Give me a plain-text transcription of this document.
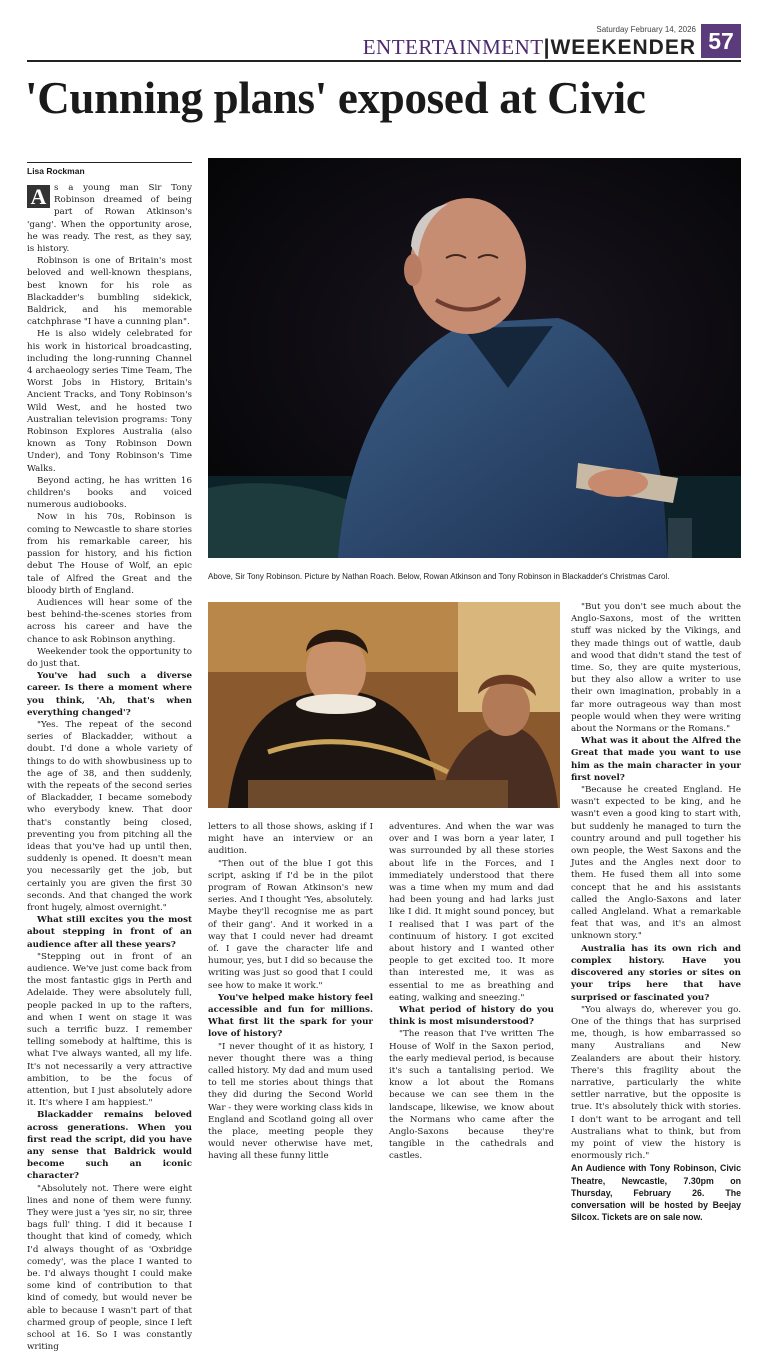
Saturday February 14, 2026
ENTERTAINMENT|WEEKENDER 57
'Cunning plans' exposed at Civic
Lisa Rockman
A s a young man Sir Tony Robinson dreamed of being part of Rowan Atkinson's 'gang'. When the opportunity arose, he was ready. The rest, as they say, is history.

Robinson is one of Britain's most beloved and well-known thespians, best known for his role as Blackadder's bumbling sidekick, Baldrick, and his memorable catchphrase "I have a cunning plan".

He is also widely celebrated for his work in historical broadcasting, including the long-running Channel 4 archaeology series Time Team, The Worst Jobs in History, Britain's Ancient Tracks, and Tony Robinson's Wild West, and he hosted two Australian television programs: Tony Robinson Explores Australia (also known as Tony Robinson Down Under), and Tony Robinson's Time Walks.

Beyond acting, he has written 16 children's books and voiced numerous audiobooks.

Now in his 70s, Robinson is coming to Newcastle to share stories from his remarkable career, his passion for history, and his fiction debut The House of Wolf, an epic tale of Alfred the Great and the bloody birth of England.

Audiences will hear some of the best behind-the-scenes stories from across his career and have the chance to ask Robinson anything.

Weekender took the opportunity to do just that.

You've had such a diverse career. Is there a moment where you think, 'Ah, that's when everything changed'?

"Yes. The repeat of the second series of Blackadder, without a doubt. I'd done a whole variety of things to do with showbusiness up to the age of 38, and then suddenly, with the repeats of the second series of Blackadder, I became somebody who everybody knew. That door that's constantly being closed, preventing you from pitching all the ideas that you've had up until then, suddenly is opened. It doesn't mean you necessarily get the job, but certainly you are given the first 30 seconds. And that changed the work front hugely, almost overnight."

What still excites you the most about stepping in front of an audience after all these years?

"Stepping out in front of an audience. We've just come back from the most fantastic gigs in Perth and Adelaide. They were absolutely full, people packed in up to the rafters, and when I went on stage it was such a terrific buzz. I remember telling somebody at halftime, this is what I've always wanted, all my life. It's not necessarily a very attractive ambition, to be the focus of attention, but I just absolutely adore it. It's where I am happiest."

Blackadder remains beloved across generations. When you first read the script, did you have any sense that Baldrick would become such an iconic character?

"Absolutely not. There were eight lines and none of them were funny. They were just a 'yes sir, no sir, three bags full' thing. I did it because I thought that kind of comedy, which I'd always thought of as 'Oxbridge comedy', was the place I wanted to be. I'd always thought I could make some kind of contribution to that kind of comedy, but would never be able to because I wasn't part of that charmed group of people, since I left school at 16. So I was constantly writing

Above, Sir Tony Robinson. Picture by Nathan Roach. Below, Rowan Atkinson and Tony Robinson in Blackadder's Christmas Carol.

letters to all those shows, asking if I might have an interview or an audition.

"Then out of the blue I got this script, asking if I'd be in the pilot program of Rowan Atkinson's new series. And I thought 'Yes, absolutely. Maybe they'll recognise me as part of their gang'. And it worked in a way that I could never had dreamt of. I gave the character life and humour, yes, but I did so because the writing was just so good that I could see how to make it work."

You've helped make history feel accessible and fun for millions. What first lit the spark for your love of history?

"I never thought of it as history, I never thought there was a thing called history. My dad and mum used to tell me stories about things that they did during the Second World War - they were working class kids in England and Scotland going all over the place, meeting people they would never otherwise have met, having all these funny little

adventures. And when the war was over and I was born a year later, I was surrounded by all these stories about life in the Forces, and I immediately understood that there was a time when my mum and dad had been young and had larks just like I did. It might sound poncey, but I realised that I was part of the continuum of history. I got excited about history and I wanted other people to get excited too. It more than interested me, it was as essential to me as breathing and eating, walking and sneezing."

What period of history do you think is most misunderstood?

"The reason that I've written The House of Wolf in the Saxon period, the early medieval period, is because it's such a tantalising period. We know a lot about the Romans because we can see them in the landscape, likewise, we know about the Normans who came after the Anglo-Saxons because they're tangible in the cathedrals and castles.

"But you don't see much about the Anglo-Saxons, most of the written stuff was nicked by the Vikings, and they made things out of wattle, daub and wood that didn't stand the test of time. So, they are quite mysterious, but they also allow a writer to use their own imagination, probably in a far more outrageous way than most people would when they were writing about the Normans or the Romans."

What was it about the Alfred the Great that made you want to use him as the main character in your first novel?

"Because he created England. He wasn't expected to be king, and he wasn't even a good king to start with, but suddenly he managed to turn the country around and pull together his own people, the West Saxons and the Jutes and the Angles next door to them. He fused them all into some concept that he and his assistants called the Anglo-Saxons and later called Angleland. What a remarkable feat that was, and it's an almost unknown story."

Australia has its own rich and complex history. Have you discovered any stories or sites on your trips here that have surprised or fascinated you?

"You always do, wherever you go. One of the things that has surprised me, though, is how embarrassed so many Australians and New Zealanders are about their history. There's this fragility about the narrative, particularly the white settler narrative, but the opposite is true. It's absolutely thick with stories. I don't want to be arrogant and tell Australians what to think, but from my point of view the history is enormously rich."

An Audience with Tony Robinson, Civic Theatre, Newcastle, 7.30pm on Thursday, February 26. The conversation will be hosted by Beejay Silcox. Tickets are on sale now.
